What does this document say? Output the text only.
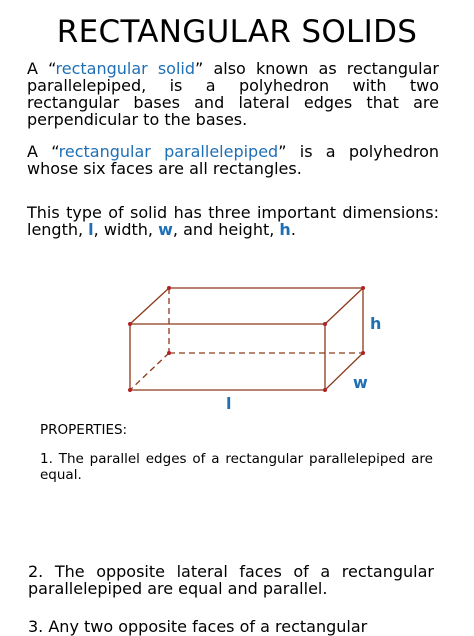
RECTANGULAR SOLIDS
A “rectangular solid” also known as rectangular parallelepiped, is a polyhedron with two rectangular bases and lateral edges that are perpendicular to the bases.
A “rectangular parallelepiped” is a polyhedron whose six faces are all rectangles.
This type of solid has three important dimensions: length, l, width, w, and height, h.
h
w
l
PROPERTIES:
1. The parallel edges of a rectangular parallelepiped are equal.
2. The opposite lateral faces of a rectangular parallelepiped are equal and parallel.
3. Any two opposite faces of a rectangular
